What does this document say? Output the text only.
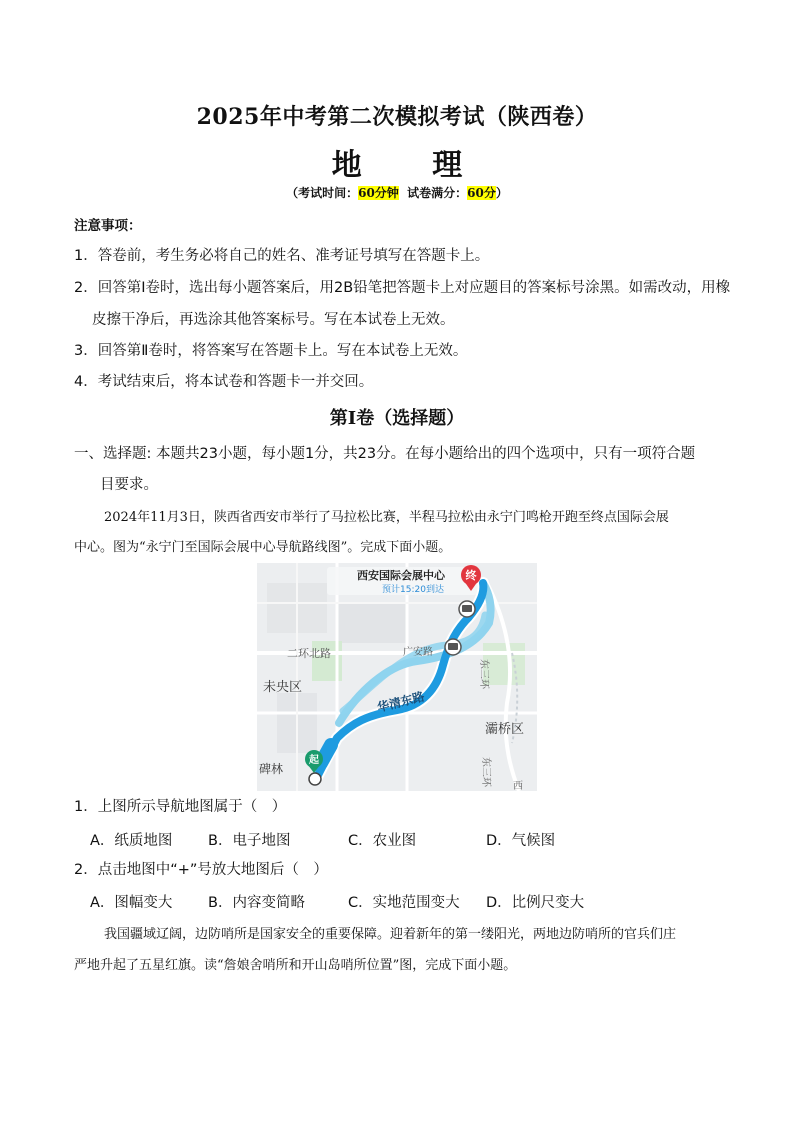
2025年中考第二次模拟考试（陕西卷）
地 理
（考试时间：60分钟  试卷满分：60分）
注意事项：
1．答卷前，考生务必将自己的姓名、准考证号填写在答题卡上。
2．回答第Ⅰ卷时，选出每小题答案后，用2B铅笔把答题卡上对应题目的答案标号涂黑。如需改动，用橡
皮擦干净后，再选涂其他答案标号。写在本试卷上无效。
3．回答第Ⅱ卷时，将答案写在答题卡上。写在本试卷上无效。
4．考试结束后，将本试卷和答题卡一并交回。
第Ⅰ卷（选择题）
一、选择题: 本题共23小题，每小题1分，共23分。在每小题给出的四个选项中，只有一项符合题
目要求。
2024年11月3日，陕西省西安市举行了马拉松比赛，半程马拉松由永宁门鸣枪开跑至终点国际会展
中心。图为“永宁门至国际会展中心导航路线图”。完成下面小题。
西安国际会展中心
预计15:20到达
终
起
二环北路	广安路
华清东路
东三环
未央区
灞桥区
碑林	东三环 西
1．上图所示导航地图属于（　）
A．纸质地图 B．电子地图	C．农业图	D．气候图
2．点击地图中“+”号放大地图后（　）
A．图幅变大 B．内容变简略	C．实地范围变大 D．比例尺变大
我国疆域辽阔，边防哨所是国家安全的重要保障。迎着新年的第一缕阳光，两地边防哨所的官兵们庄
严地升起了五星红旗。读“詹娘舍哨所和开山岛哨所位置”图，完成下面小题。
